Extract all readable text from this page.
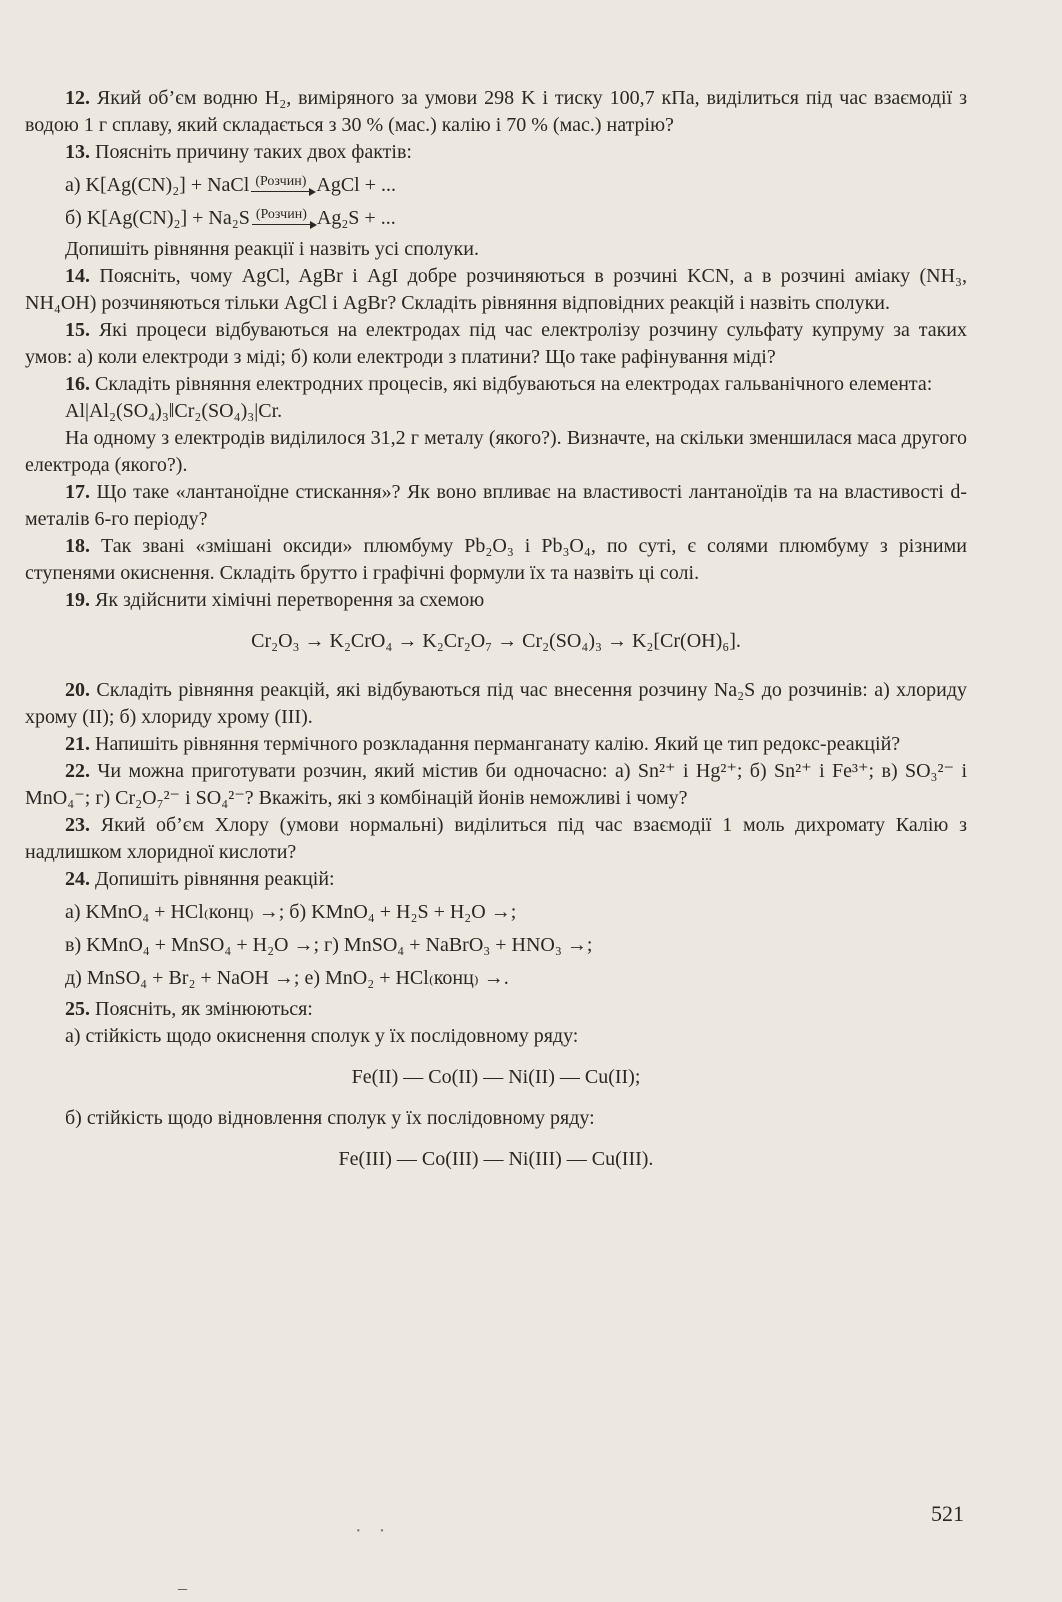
12. Який об’єм водню H₂, виміряного за умови 298 K і тиску 100,7 кПа, виділиться під час взаємодії з водою 1 г сплаву, який складається з 30 % (мас.) калію і 70 % (мас.) натрію?

13. Поясніть причину таких двох фактів:

а) K[Ag(CN)₂] + NaCl (Розчин) AgCl + ...

б) K[Ag(CN)₂] + Na₂S (Розчин) Ag₂S + ...

Допишіть рівняння реакції і назвіть усі сполуки.

14. Поясніть, чому AgCl, AgBr і AgI добре розчиняються в розчині KCN, а в розчині аміаку (NH₃, NH₄OH) розчиняються тільки AgCl і AgBr? Складіть рівняння відповідних реакцій і назвіть сполуки.

15. Які процеси відбуваються на електродах під час електролізу розчину сульфату купруму за таких умов: а) коли електроди з міді; б) коли електроди з платини? Що таке рафінування міді?

16. Складіть рівняння електродних процесів, які відбуваються на електродах гальванічного елемента:

Al|Al₂(SO₄)₃‖Cr₂(SO₄)₃|Cr.

На одному з електродів виділилося 31,2 г металу (якого?). Визначте, на скільки зменшилася маса другого електрода (якого?).

17. Що таке «лантаноїдне стискання»? Як воно впливає на властивості лантаноїдів та на властивості d-металів 6-го періоду?

18. Так звані «змішані оксиди» плюмбуму Pb₂O₃ і Pb₃O₄, по суті, є солями плюмбуму з різними ступенями окиснення. Складіть брутто і графічні формули їх та назвіть ці солі.

19. Як здійснити хімічні перетворення за схемою

Cr₂O₃ → K₂CrO₄ → K₂Cr₂O₇ → Cr₂(SO₄)₃ → K₂[Cr(OH)₆].

20. Складіть рівняння реакцій, які відбуваються під час внесення розчину Na₂S до розчинів: а) хлориду хрому (II); б) хлориду хрому (III).

21. Напишіть рівняння термічного розкладання перманганату калію. Який це тип редокс-реакцій?

22. Чи можна приготувати розчин, який містив би одночасно: а) Sn²⁺ і Hg²⁺; б) Sn²⁺ і Fe³⁺; в) SO₃²⁻ і MnO₄⁻; г) Cr₂O₇²⁻ і SO₄²⁻? Вкажіть, які з комбінацій йонів неможливі і чому?

23. Який об’єм Хлору (умови нормальні) виділиться під час взаємодії 1 моль дихромату Калію з надлишком хлоридної кислоти?

24. Допишіть рівняння реакцій:

а) KMnO₄ + HCl₍конц₎ →; б) KMnO₄ + H₂S + H₂O →;

в) KMnO₄ + MnSO₄ + H₂O →; г) MnSO₄ + NaBrO₃ + HNO₃ →;

д) MnSO₄ + Br₂ + NaOH →; е) MnO₂ + HCl₍конц₎ →.

25. Поясніть, як змінюються:

а) стійкість щодо окиснення сполук у їх послідовному ряду:

Fe(II) — Co(II) — Ni(II) — Cu(II);

б) стійкість щодо відновлення сполук у їх послідовному ряду:

Fe(III) — Co(III) — Ni(III) — Cu(III).

521
· ·
–
